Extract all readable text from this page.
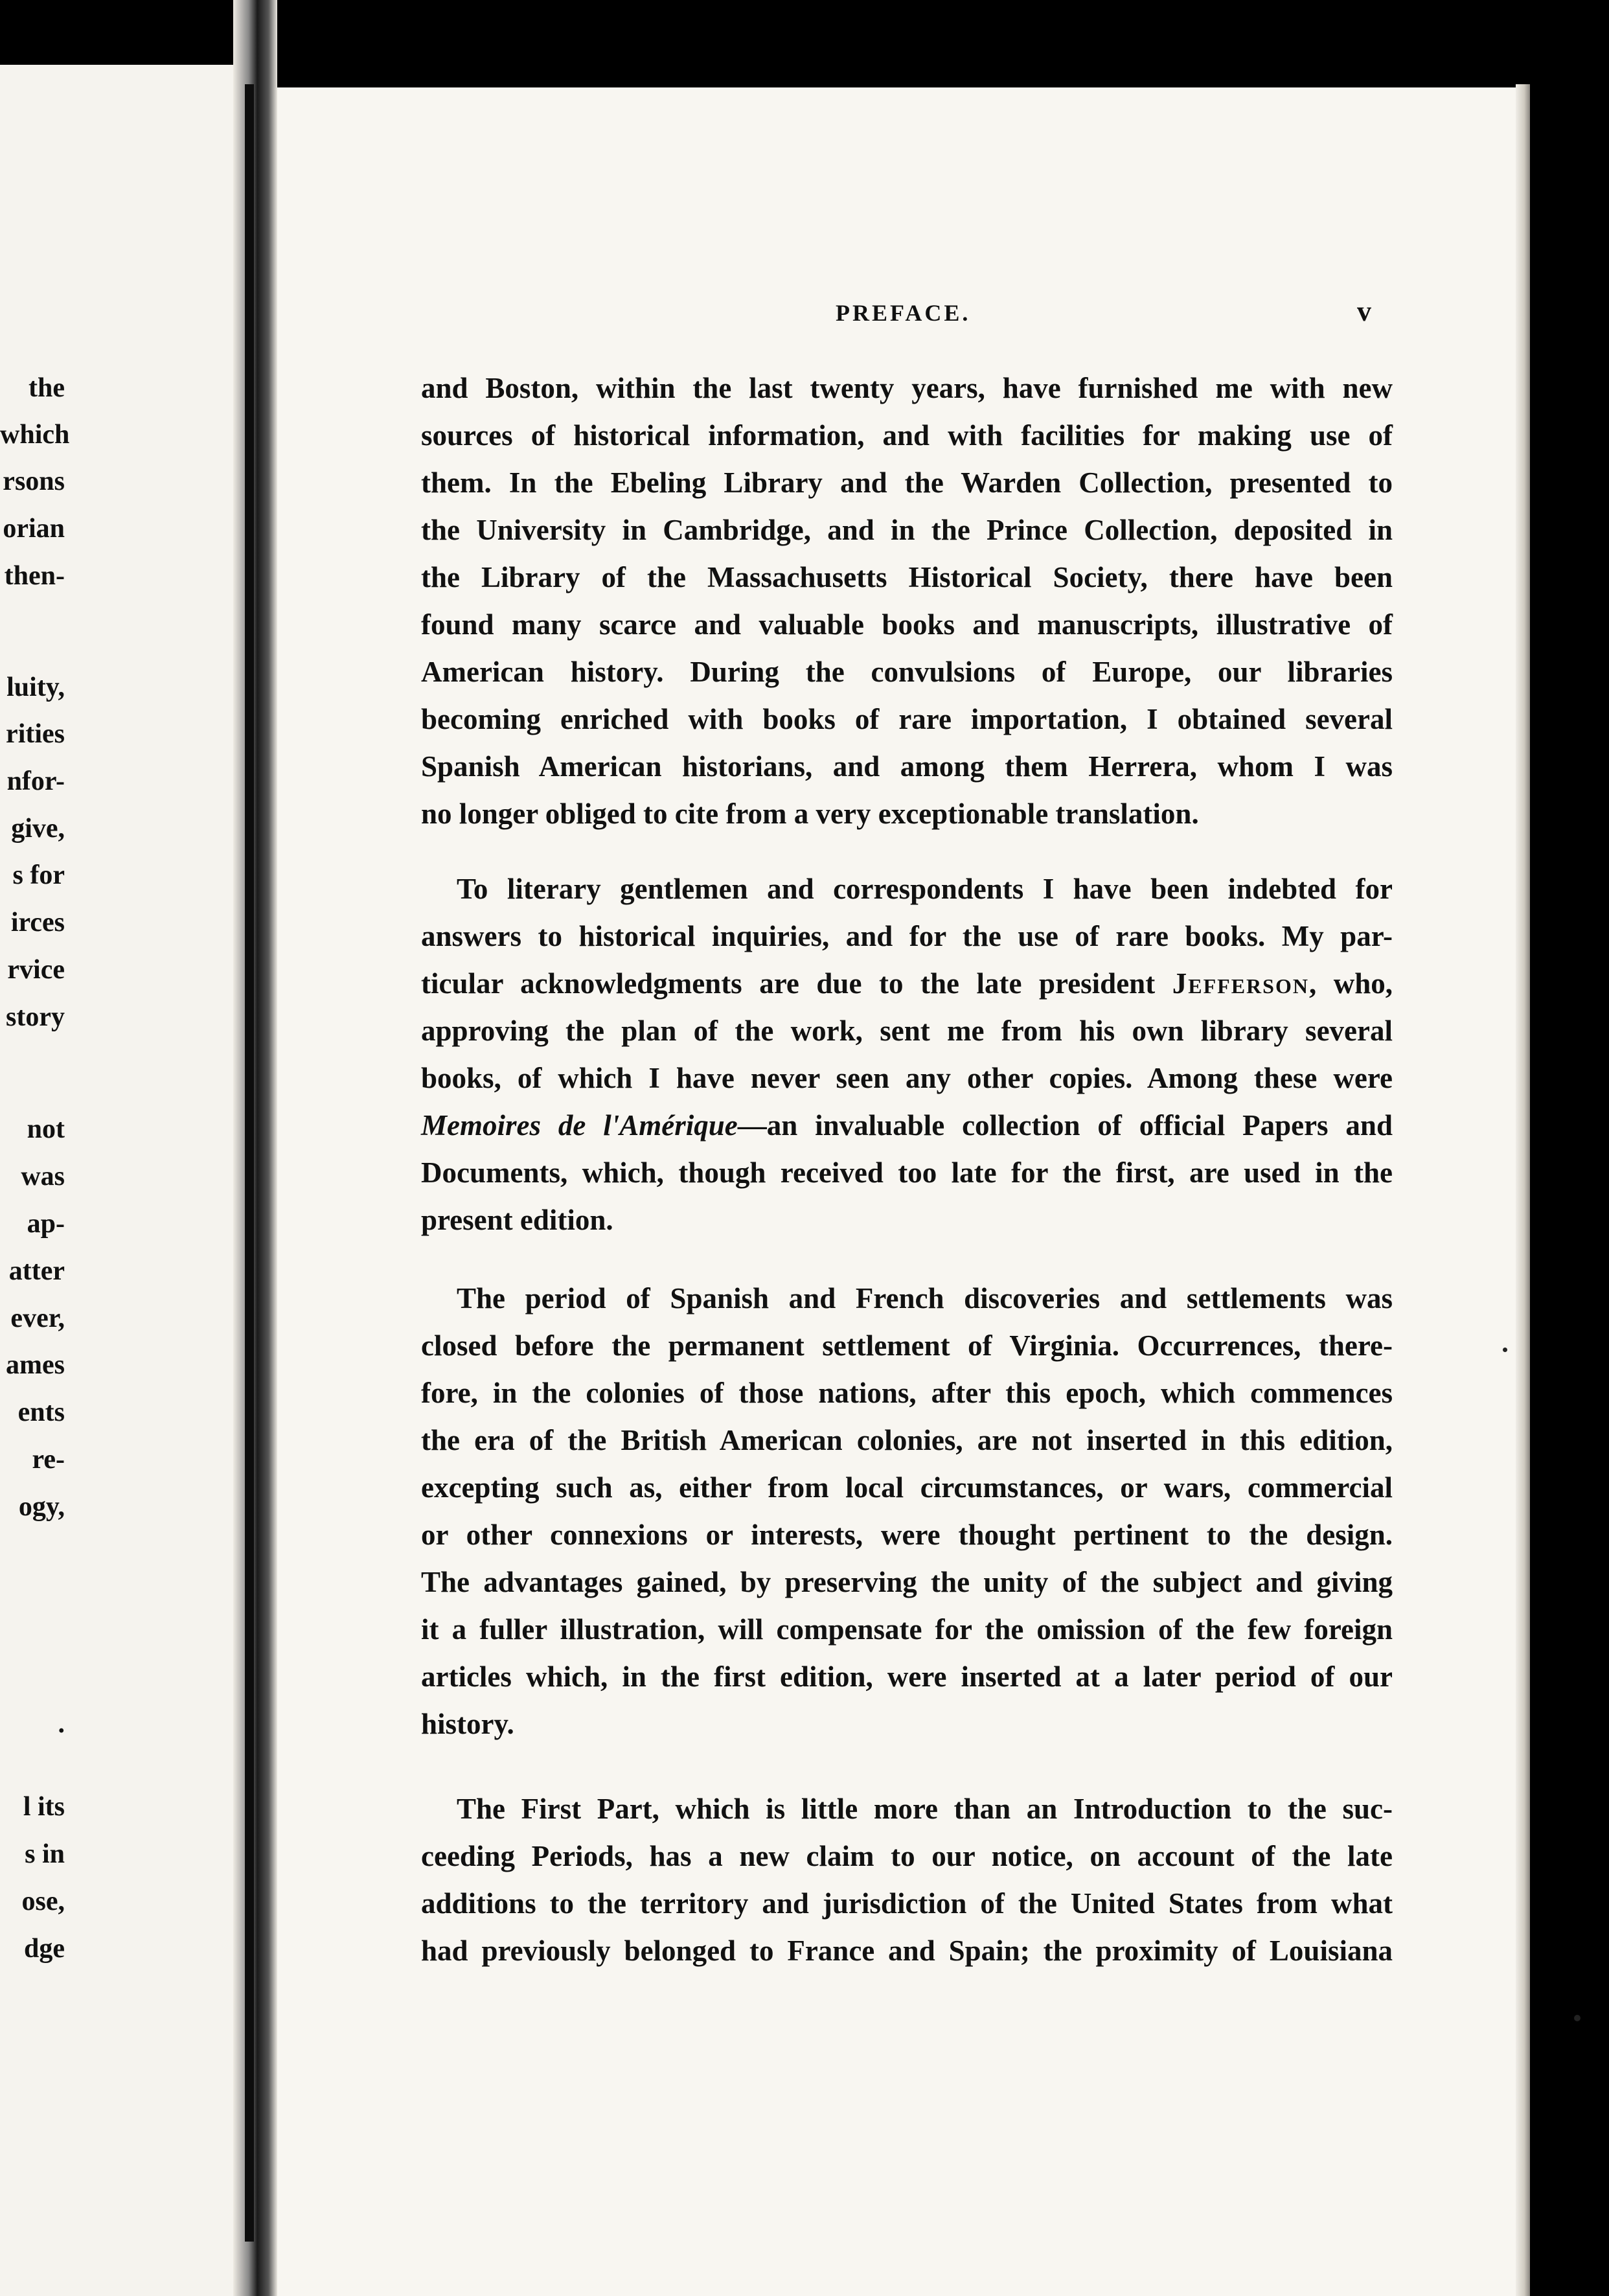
the
which
rsons
orian
then-
luity,
rities
nfor-
give,
s for
irces
rvice
story
not
was
ap-
atter
ever,
ames
ents
re-
ogy,
.
l its
s in
ose,
dge
PREFACE.	v
and Boston, within the last twenty years, have furnished me with new
sources of historical information, and with facilities for making use of
them. In the Ebeling Library and the Warden Collection, presented to
the University in Cambridge, and in the Prince Collection, deposited in
the Library of the Massachusetts Historical Society, there have been
found many scarce and valuable books and manuscripts, illustrative of
American history. During the convulsions of Europe, our libraries
becoming enriched with books of rare importation, I obtained several
Spanish American historians, and among them Herrera, whom I was
no longer obliged to cite from a very exceptionable translation.
To literary gentlemen and correspondents I have been indebted for
answers to historical inquiries, and for the use of rare books. My par-
ticular acknowledgments are due to the late president Jefferson, who,
approving the plan of the work, sent me from his own library several
books, of which I have never seen any other copies. Among these were
Memoires de l'Amérique—an invaluable collection of official Papers and
Documents, which, though received too late for the first, are used in the
present edition.
The period of Spanish and French discoveries and settlements was
closed before the permanent settlement of Virginia. Occurrences, there-
fore, in the colonies of those nations, after this epoch, which commences
the era of the British American colonies, are not inserted in this edition,
excepting such as, either from local circumstances, or wars, commercial
or other connexions or interests, were thought pertinent to the design.
The advantages gained, by preserving the unity of the subject and giving
it a fuller illustration, will compensate for the omission of the few foreign
articles which, in the first edition, were inserted at a later period of our
history.
The First Part, which is little more than an Introduction to the suc-
ceeding Periods, has a new claim to our notice, on account of the late
additions to the territory and jurisdiction of the United States from what
had previously belonged to France and Spain; the proximity of Louisiana
